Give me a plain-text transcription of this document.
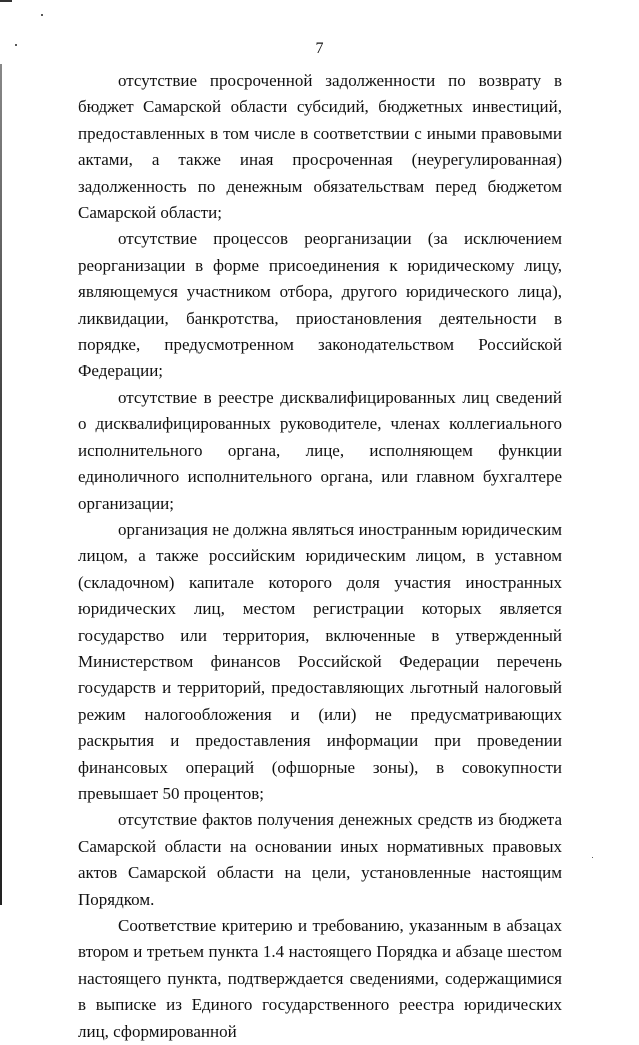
7

отсутствие просроченной задолженности по возврату в бюджет Самарской области субсидий, бюджетных инвестиций, предоставленных в том числе в соответствии с иными правовыми актами, а также иная просроченная (неурегулированная) задолженность по денежным обязательствам перед бюджетом Самарской области;

отсутствие процессов реорганизации (за исключением реорганизации в форме присоединения к юридическому лицу, являющемуся участником отбора, другого юридического лица), ликвидации, банкротства, приостановления деятельности в порядке, предусмотренном законодательством Российской Федерации;

отсутствие в реестре дисквалифицированных лиц сведений о дисквалифицированных руководителе, членах коллегиального исполнительного органа, лице, исполняющем функции единоличного исполнительного органа, или главном бухгалтере организации;

организация не должна являться иностранным юридическим лицом, а также российским юридическим лицом, в уставном (складочном) капитале которого доля участия иностранных юридических лиц, местом регистрации которых является государство или территория, включенные в утвержденный Министерством финансов Российской Федерации перечень государств и территорий, предоставляющих льготный налоговый режим налогообложения и (или) не предусматривающих раскрытия и предоставления информации при проведении финансовых операций (офшорные зоны), в совокупности превышает 50 процентов;

отсутствие фактов получения денежных средств из бюджета Самарской области на основании иных нормативных правовых актов Самарской области на цели, установленные настоящим Порядком.

Соответствие критерию и требованию, указанным в абзацах втором и третьем пункта 1.4 настоящего Порядка и абзаце шестом настоящего пункта, подтверждается сведениями, содержащимися в выписке из Единого государственного реестра юридических лиц, сформированной
